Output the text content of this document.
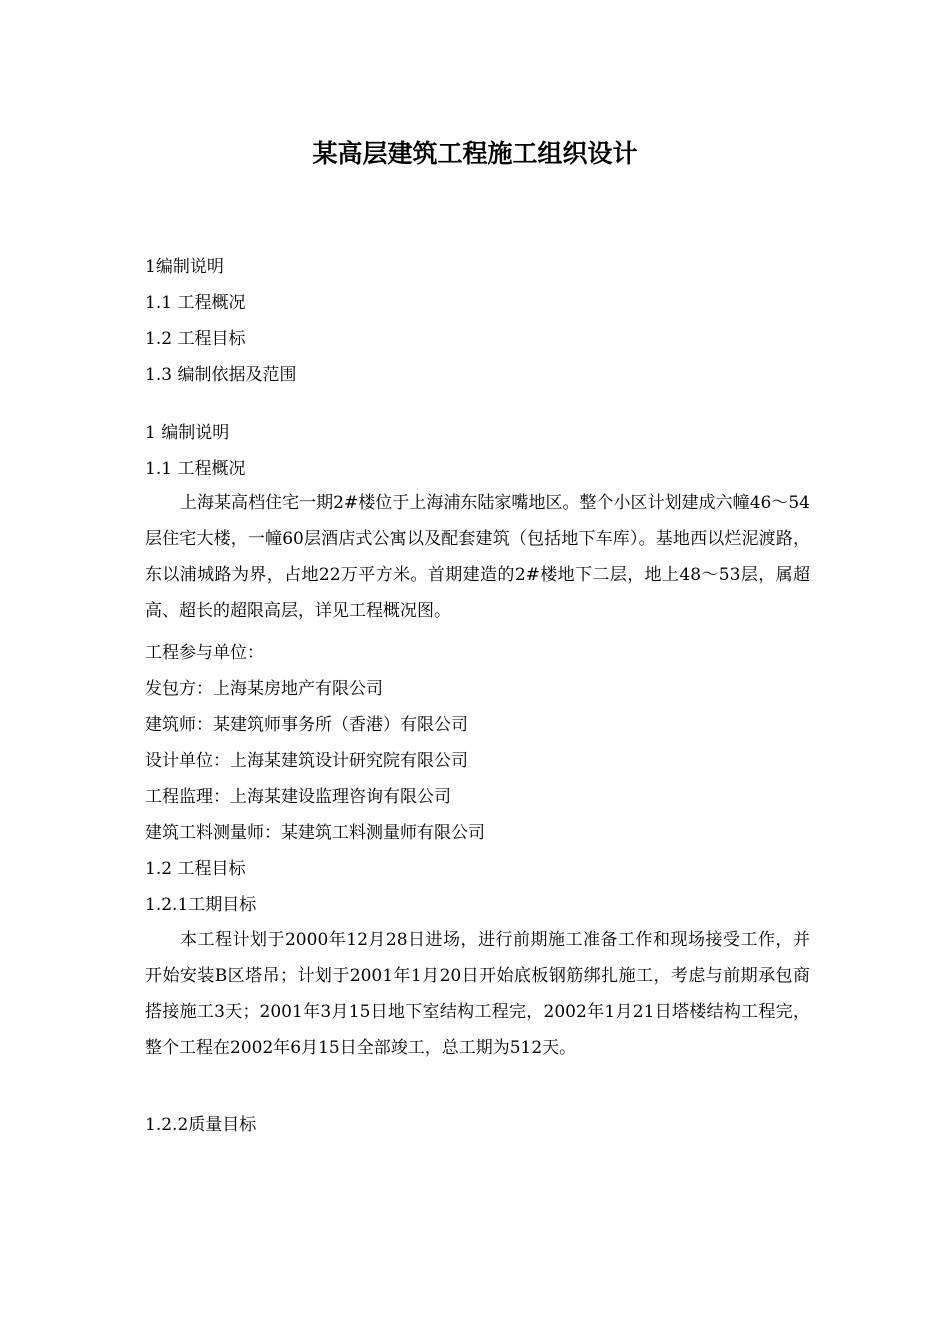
某高层建筑工程施工组织设计
1编制说明
1.1 工程概况
1.2 工程目标
1.3 编制依据及范围
1 编制说明
1.1 工程概况
上海某高档住宅一期2#楼位于上海浦东陆家嘴地区。整个小区计划建成六幢46～54层住宅大楼，一幢60层酒店式公寓以及配套建筑（包括地下车库）。基地西以烂泥渡路，东以浦城路为界，占地22万平方米。首期建造的2#楼地下二层，地上48～53层，属超高、超长的超限高层，详见工程概况图。
工程参与单位：
发包方：上海某房地产有限公司
建筑师：某建筑师事务所（香港）有限公司
设计单位：上海某建筑设计研究院有限公司
工程监理：上海某建设监理咨询有限公司
建筑工料测量师：某建筑工料测量师有限公司
1.2 工程目标
1.2.1工期目标
本工程计划于2000年12月28日进场，进行前期施工准备工作和现场接受工作，并开始安装B区塔吊；计划于2001年1月20日开始底板钢筋绑扎施工，考虑与前期承包商搭接施工3天；2001年3月15日地下室结构工程完，2002年1月21日塔楼结构工程完，整个工程在2002年6月15日全部竣工，总工期为512天。
1.2.2质量目标
